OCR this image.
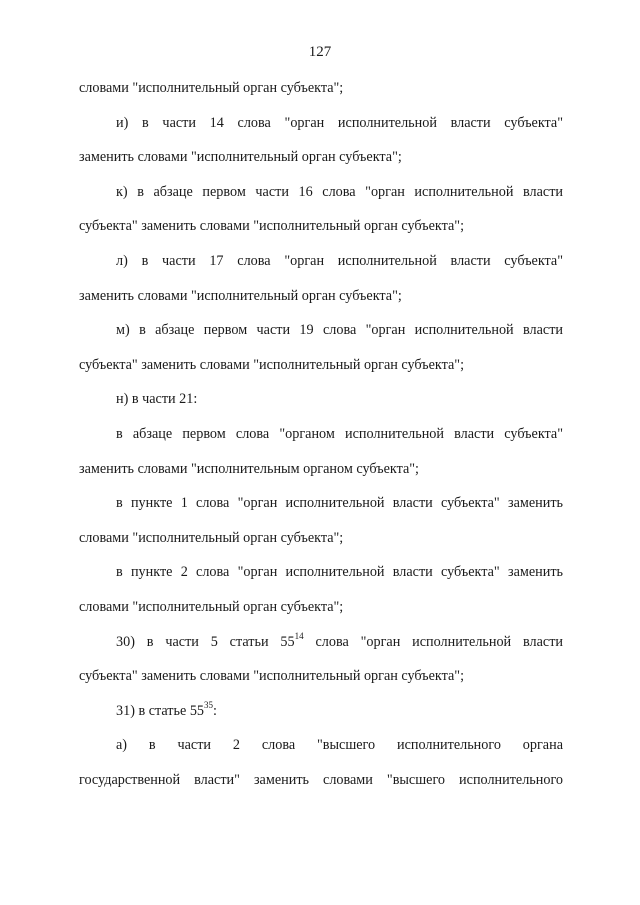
127
словами "исполнительный орган субъекта";
и) в части 14 слова "орган исполнительной власти субъекта"
заменить словами "исполнительный орган субъекта";
к) в абзаце первом части 16 слова "орган исполнительной власти
субъекта" заменить словами "исполнительный орган субъекта";
л) в части 17 слова "орган исполнительной власти субъекта"
заменить словами "исполнительный орган субъекта";
м) в абзаце первом части 19 слова "орган исполнительной власти
субъекта" заменить словами "исполнительный орган субъекта";
н) в части 21:
в абзаце первом слова "органом исполнительной власти субъекта"
заменить словами "исполнительным органом субъекта";
в пункте 1 слова "орган исполнительной власти субъекта" заменить
словами "исполнительный орган субъекта";
в пункте 2 слова "орган исполнительной власти субъекта" заменить
словами "исполнительный орган субъекта";
30) в части 5 статьи $55^{14}$ слова "орган исполнительной власти
субъекта" заменить словами "исполнительный орган субъекта";
31) в статье $55^{35}$:
а) в части 2 слова "высшего исполнительного органа
государственной власти" заменить словами "высшего исполнительного
